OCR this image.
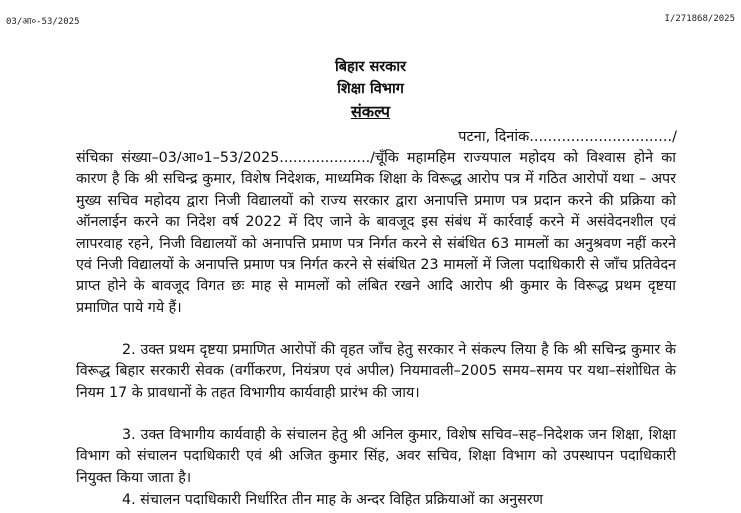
03/आ०-53/2025	I/271868/2025
बिहार सरकार
शिक्षा विभाग
संकल्प
पटना, दिनांक.............................../

संचिका संख्या–03/आ०1–53/2025..................../चूँकि महामहिम राज्यपाल महोदय को विश्वास होने का कारण है कि श्री सचिन्द्र कुमार, विशेष निदेशक, माध्यमिक शिक्षा के विरूद्ध आरोप पत्र में गठित आरोपों यथा – अपर मुख्य सचिव महोदय द्वारा निजी विद्यालयों को राज्य सरकार द्वारा अनापत्ति प्रमाण पत्र प्रदान करने की प्रक्रिया को ऑनलाईन करने का निदेश वर्ष 2022 में दिए जाने के बावजूद इस संबंध में कार्रवाई करने में असंवेदनशील एवं लापरवाह रहने, निजी विद्यालयों को अनापत्ति प्रमाण पत्र निर्गत करने से संबंधित 63 मामलों का अनुश्रवण नहीं करने एवं निजी विद्यालयों के अनापत्ति प्रमाण पत्र निर्गत करने से संबंधित 23 मामलों में जिला पदाधिकारी से जाँच प्रतिवेदन प्राप्त होने के बावजूद विगत छः माह से मामलों को लंबित रखने आदि आरोप श्री कुमार के विरूद्ध प्रथम दृष्टया प्रमाणित पाये गये हैं।

2. उक्त प्रथम दृष्टया प्रमाणित आरोपों की वृहत जाँच हेतु सरकार ने संकल्प लिया है कि श्री सचिन्द्र कुमार के विरूद्ध बिहार सरकारी सेवक (वर्गीकरण, नियंत्रण एवं अपील) नियमावली–2005 समय–समय पर यथा–संशोधित के नियम 17 के प्रावधानों के तहत विभागीय कार्यवाही प्रारंभ की जाय।

3. उक्त विभागीय कार्यवाही के संचालन हेतु श्री अनिल कुमार, विशेष सचिव–सह–निदेशक जन शिक्षा, शिक्षा विभाग को संचालन पदाधिकारी एवं श्री अजित कुमार सिंह, अवर सचिव, शिक्षा विभाग को उपस्थापन पदाधिकारी नियुक्त किया जाता है।

4. संचालन पदाधिकारी निर्धारित तीन माह के अन्दर विहित प्रक्रियाओं का अनुसरण
